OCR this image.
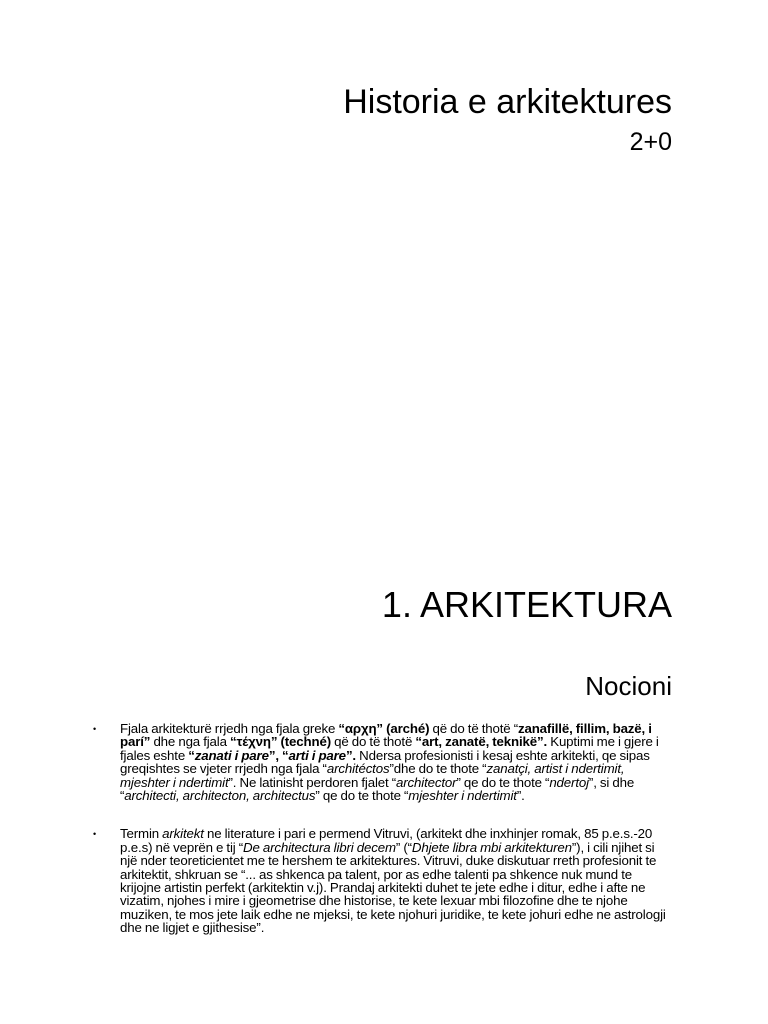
Historia e arkitektures
2+0
1. ARKITEKTURA
Nocioni
• Fjala arkitekturë rrjedh nga fjala greke “αρχη” (arché) që do të thotë “zanafillë, fillim, bazë, i parí” dhe nga fjala “τέχνη” (techné) që do të thotë “art, zanatë, teknikë”. Kuptimi me i gjere i fjales eshte “zanati i pare”, “arti i pare”. Ndersa profesionisti i kesaj eshte arkitekti, qe sipas greqishtes se vjeter rrjedh nga fjala “architéctos”dhe do te thote “zanatçi, artist i ndertimit, mjeshter i ndertimit”. Ne latinisht perdoren fjalet “architector” qe do te thote “ndertoj”, si dhe “architecti, architecton, architectus” qe do te thote “mjeshter i ndertimit”.
• Termin arkitekt ne literature i pari e permend Vitruvi, (arkitekt dhe inxhinjer romak, 85 p.e.s.-20 p.e.s) në veprën e tij “De architectura libri decem” (“Dhjete libra mbi arkitekturen”), i cili njihet si një nder teoreticientet me te hershem te arkitektures. Vitruvi, duke diskutuar rreth profesionit te arkitektit, shkruan se “... as shkenca pa talent, por as edhe talenti pa shkence nuk mund te krijojne artistin perfekt (arkitektin v.j). Prandaj arkitekti duhet te jete edhe i ditur, edhe i afte ne vizatim, njohes i mire i gjeometrise dhe historise, te kete lexuar mbi filozofine dhe te njohe muziken, te mos jete laik edhe ne mjeksi, te kete njohuri juridike, te kete johuri edhe ne astrologji dhe ne ligjet e gjithesise”.
